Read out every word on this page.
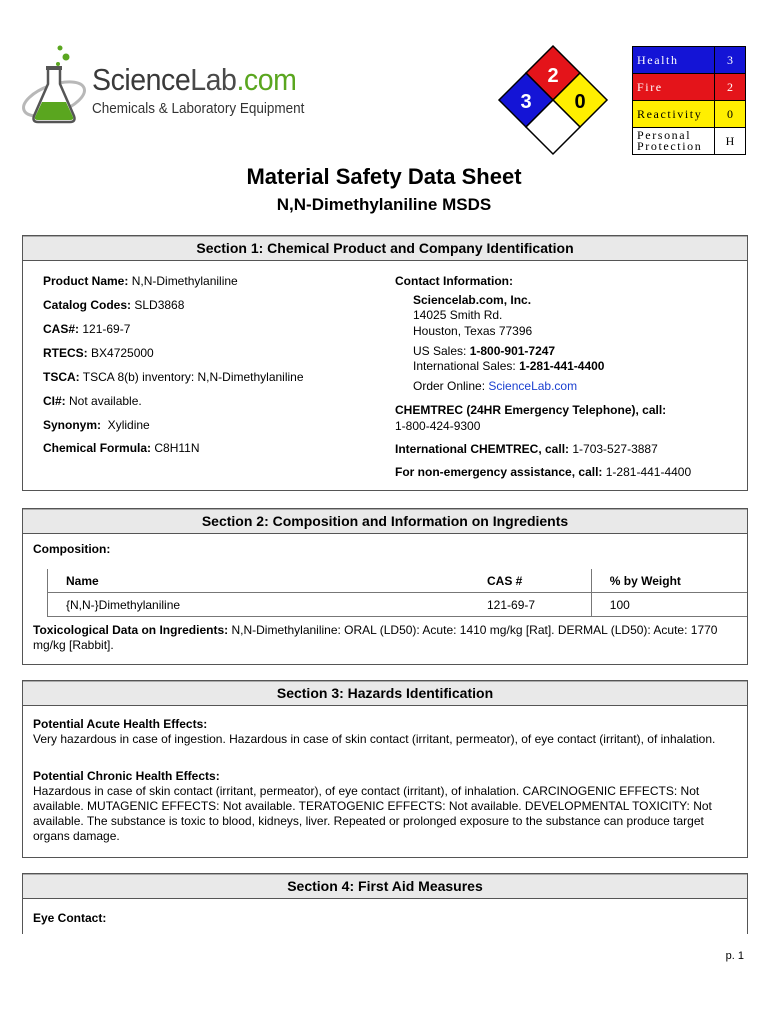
ScienceLab.com
Chemicals & Laboratory Equipment
2
3 0
Health	3
Fire	2
Reactivity	0
Personal
Protection	H
Material Safety Data Sheet
N,N-Dimethylaniline MSDS
Section 1: Chemical Product and Company Identification
Product Name: N,N-Dimethylaniline
Catalog Codes: SLD3868
CAS#: 121-69-7
RTECS: BX4725000
TSCA: TSCA 8(b) inventory: N,N-Dimethylaniline
CI#: Not available.
Synonym:  Xylidine
Chemical Formula: C8H11N
Contact Information:
Sciencelab.com, Inc.
14025 Smith Rd.
Houston, Texas 77396
US Sales: 1-800-901-7247
International Sales: 1-281-441-4400
Order Online: ScienceLab.com
CHEMTREC (24HR Emergency Telephone), call:
1-800-424-9300
International CHEMTREC, call: 1-703-527-3887
For non-emergency assistance, call: 1-281-441-4400
Section 2: Composition and Information on Ingredients
Composition:
Name	CAS #	% by Weight
{N,N-}Dimethylaniline	121-69-7	100
Toxicological Data on Ingredients: N,N-Dimethylaniline: ORAL (LD50): Acute: 1410 mg/kg [Rat]. DERMAL (LD50): Acute: 1770 mg/kg [Rabbit].
Section 3: Hazards Identification
Potential Acute Health Effects:
Very hazardous in case of ingestion. Hazardous in case of skin contact (irritant, permeator), of eye contact (irritant), of inhalation.
Potential Chronic Health Effects:
Hazardous in case of skin contact (irritant, permeator), of eye contact (irritant), of inhalation. CARCINOGENIC EFFECTS: Not available. MUTAGENIC EFFECTS: Not available. TERATOGENIC EFFECTS: Not available. DEVELOPMENTAL TOXICITY: Not available. The substance is toxic to blood, kidneys, liver. Repeated or prolonged exposure to the substance can produce target organs damage.
Section 4: First Aid Measures
Eye Contact:
p. 1
